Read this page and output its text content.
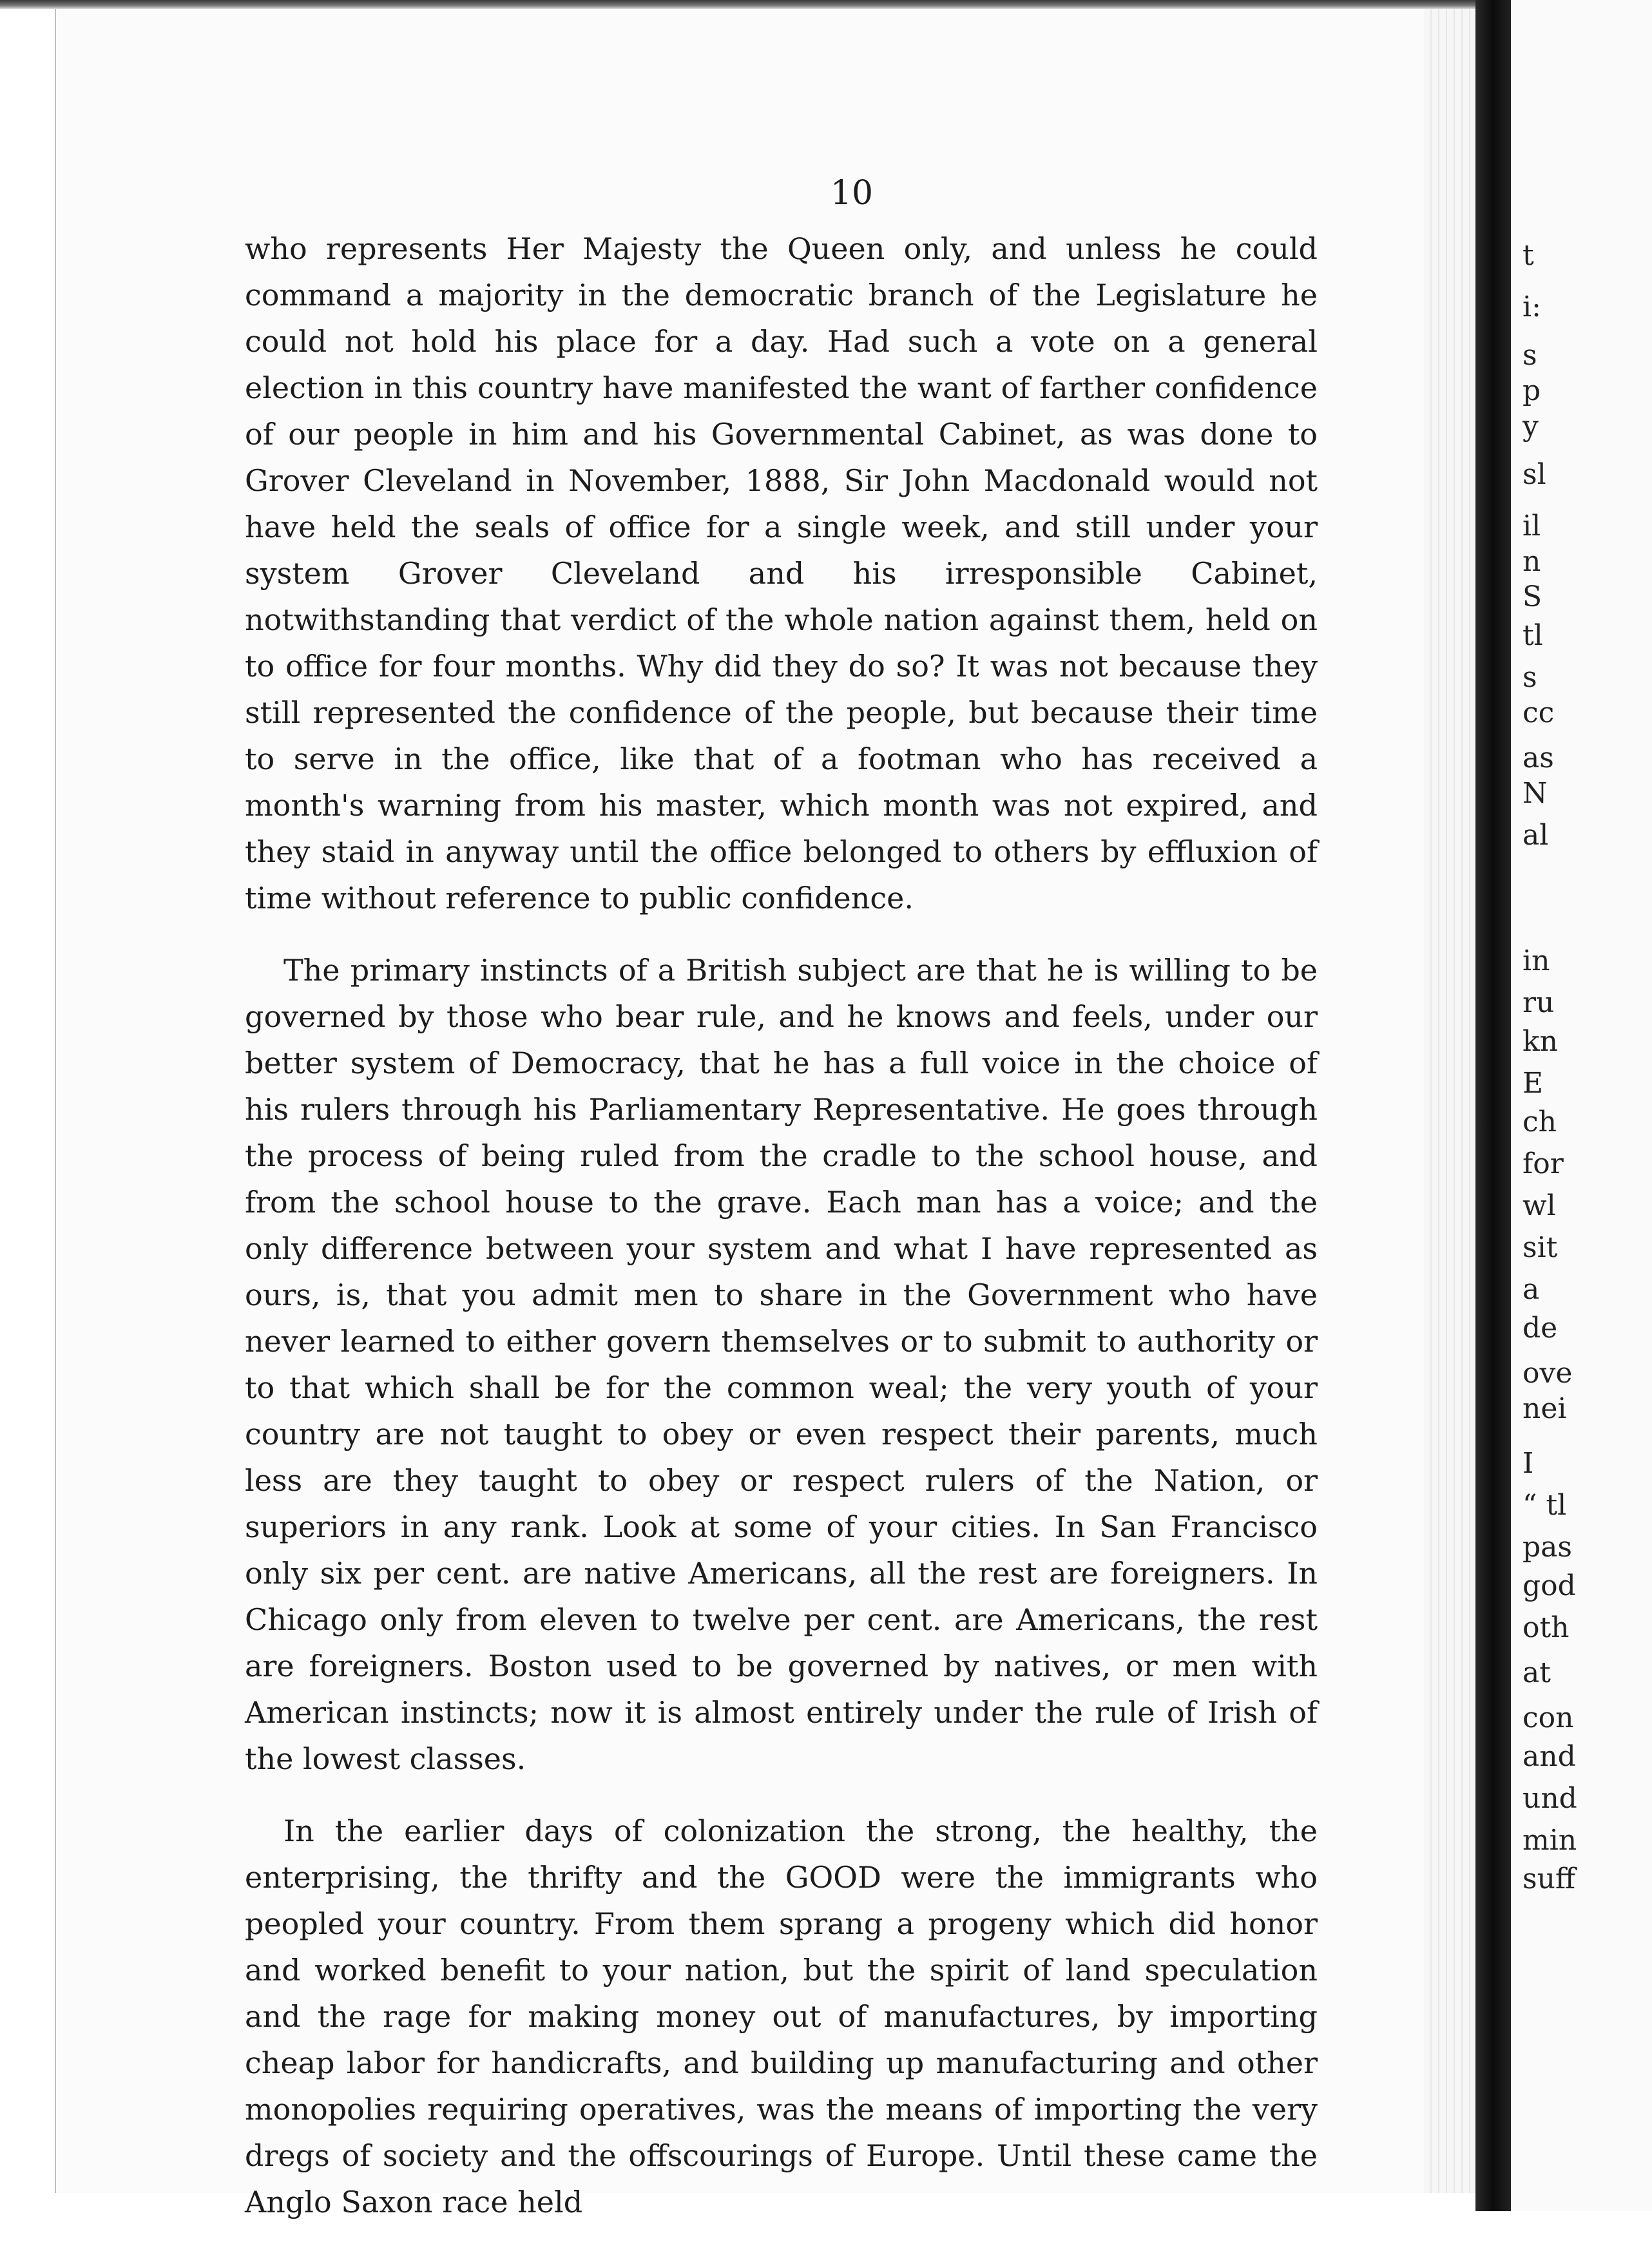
t
i:
s
p
y
sl
il
n
S
tl
s
cc
as
N
al
in
ru
kn
E
ch
for
wl
sit
a
de
ove
nei
I
“ tl
pas
god
oth
at
con
and
und
min
suff
10

who represents Her Majesty the Queen only, and unless he could command a majority in the democratic branch of the Legislature he could not hold his place for a day. Had such a vote on a general election in this country have manifested the want of farther confidence of our people in him and his Governmental Cabinet, as was done to Grover Cleveland in November, 1888, Sir John Macdonald would not have held the seals of office for a single week, and still under your system Grover Cleveland and his irresponsible Cabinet, notwithstanding that verdict of the whole nation against them, held on to office for four months. Why did they do so? It was not because they still represented the confidence of the people, but because their time to serve in the office, like that of a footman who has received a month's warning from his master, which month was not expired, and they staid in anyway until the office belonged to others by effluxion of time without reference to public confidence.

The primary instincts of a British subject are that he is willing to be governed by those who bear rule, and he knows and feels, under our better system of Democracy, that he has a full voice in the choice of his rulers through his Parliamentary Representative. He goes through the process of being ruled from the cradle to the school house, and from the school house to the grave. Each man has a voice; and the only difference between your system and what I have represented as ours, is, that you admit men to share in the Government who have never learned to either govern themselves or to submit to authority or to that which shall be for the common weal; the very youth of your country are not taught to obey or even respect their parents, much less are they taught to obey or respect rulers of the Nation, or superiors in any rank. Look at some of your cities. In San Francisco only six per cent. are native Americans, all the rest are foreigners. In Chicago only from eleven to twelve per cent. are Americans, the rest are foreigners. Boston used to be governed by natives, or men with American instincts; now it is almost entirely under the rule of Irish of the lowest classes.

In the earlier days of colonization the strong, the healthy, the enterprising, the thrifty and the GOOD were the immigrants who peopled your country. From them sprang a progeny which did honor and worked benefit to your nation, but the spirit of land speculation and the rage for making money out of manufactures, by importing cheap labor for handicrafts, and building up manufacturing and other monopolies requiring operatives, was the means of importing the very dregs of society and the offscourings of Europe. Until these came the Anglo Saxon race held
